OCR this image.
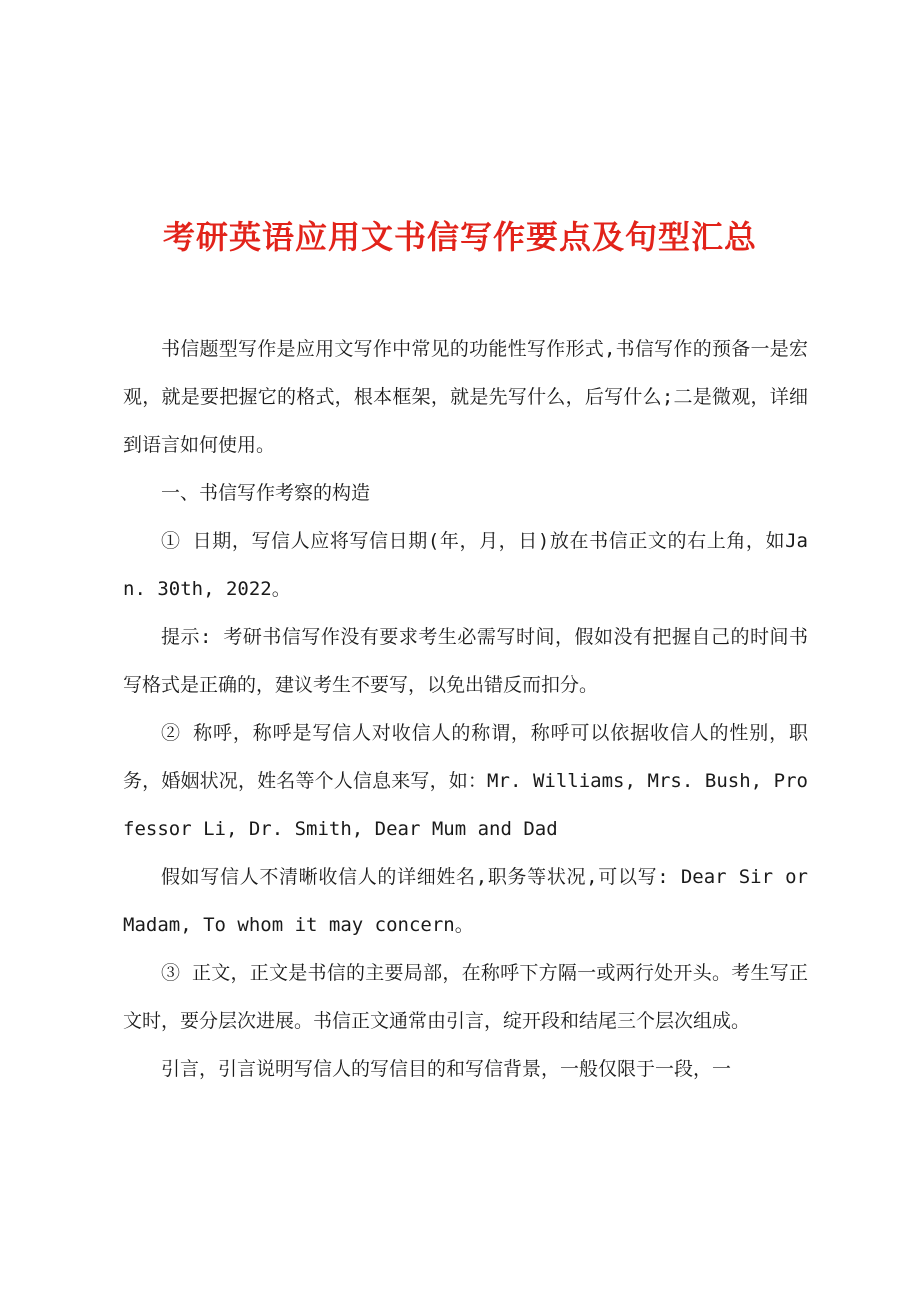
考研英语应用文书信写作要点及句型汇总

书信题型写作是应用文写作中常见的功能性写作形式,书信写作的预备一是宏观，就是要把握它的格式，根本框架，就是先写什么，后写什么;二是微观，详细到语言如何使用。

一、书信写作考察的构造

① 日期，写信人应将写信日期(年，月，日)放在书信正文的右上角，如Jan. 30th, 2022。

提示: 考研书信写作没有要求考生必需写时间，假如没有把握自己的时间书写格式是正确的，建议考生不要写，以免出错反而扣分。

② 称呼，称呼是写信人对收信人的称谓，称呼可以依据收信人的性别，职务，婚姻状况，姓名等个人信息来写，如：Mr. Williams, Mrs. Bush, Professor Li, Dr. Smith, Dear Mum and Dad

假如写信人不清晰收信人的详细姓名,职务等状况,可以写: Dear Sir or Madam, To whom it may concern。

③ 正文，正文是书信的主要局部，在称呼下方隔一或两行处开头。考生写正文时，要分层次进展。书信正文通常由引言，绽开段和结尾三个层次组成。

引言，引言说明写信人的写信目的和写信背景，一般仅限于一段，一
